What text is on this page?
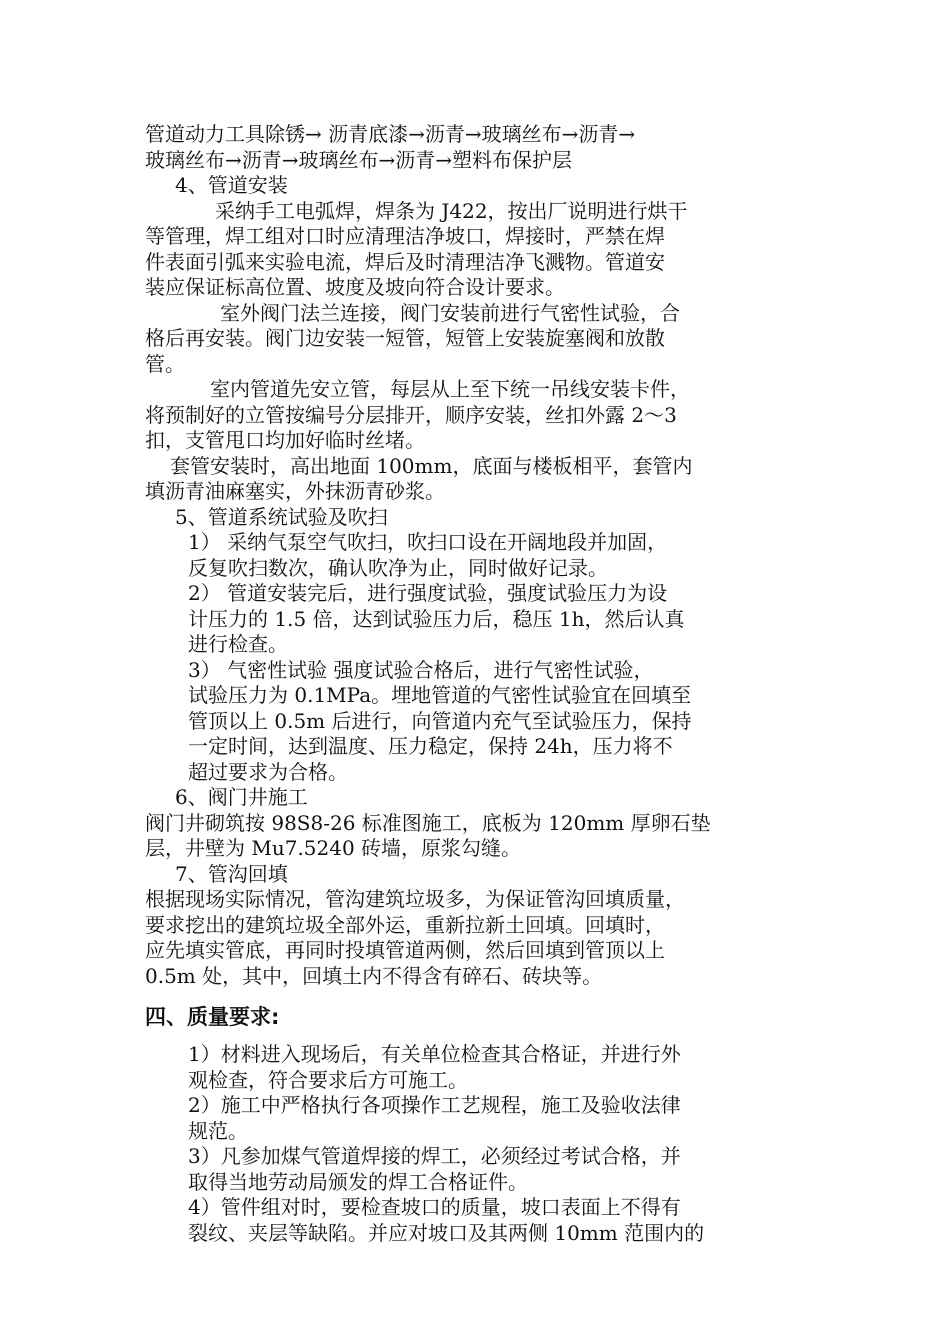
管道动力工具除锈→ 沥青底漆→沥青→玻璃丝布→沥青→

玻璃丝布→沥青→玻璃丝布→沥青→塑料布保护层

4、管道安装

采纳手工电弧焊，焊条为 J422，按出厂说明进行烘干

等管理，焊工组对口时应清理洁净坡口，焊接时，严禁在焊

件表面引弧来实验电流，焊后及时清理洁净飞溅物。管道安

装应保证标高位置、坡度及坡向符合设计要求。

室外阀门法兰连接，阀门安装前进行气密性试验，合

格后再安装。阀门边安装一短管，短管上安装旋塞阀和放散

管。

室内管道先安立管，每层从上至下统一吊线安装卡件，

将预制好的立管按编号分层排开，顺序安装，丝扣外露 2～3

扣，支管甩口均加好临时丝堵。

套管安装时，高出地面 100mm，底面与楼板相平，套管内

填沥青油麻塞实，外抹沥青砂浆。

5、管道系统试验及吹扫

1） 采纳气泵空气吹扫，吹扫口设在开阔地段并加固，

反复吹扫数次，确认吹净为止，同时做好记录。

2） 管道安装完后，进行强度试验，强度试验压力为设

计压力的 1.5 倍，达到试验压力后，稳压 1h，然后认真

进行检查。

3） 气密性试验 强度试验合格后，进行气密性试验，

试验压力为 0.1MPa。埋地管道的气密性试验宜在回填至

管顶以上 0.5m 后进行，向管道内充气至试验压力，保持

一定时间，达到温度、压力稳定，保持 24h，压力将不

超过要求为合格。

6、阀门井施工

阀门井砌筑按 98S8-26 标准图施工，底板为 120mm 厚卵石垫

层，井壁为 Mu7.5240 砖墙，原浆勾缝。

7、管沟回填

根据现场实际情况，管沟建筑垃圾多，为保证管沟回填质量，

要求挖出的建筑垃圾全部外运，重新拉新土回填。回填时，

应先填实管底，再同时投填管道两侧，然后回填到管顶以上

0.5m 处，其中，回填土内不得含有碎石、砖块等。

四、质量要求:

1）材料进入现场后，有关单位检查其合格证，并进行外

观检查，符合要求后方可施工。

2）施工中严格执行各项操作工艺规程，施工及验收法律

规范。

3）凡参加煤气管道焊接的焊工，必须经过考试合格，并

取得当地劳动局颁发的焊工合格证件。

4）管件组对时，要检查坡口的质量，坡口表面上不得有

裂纹、夹层等缺陷。并应对坡口及其两侧 10mm 范围内的
